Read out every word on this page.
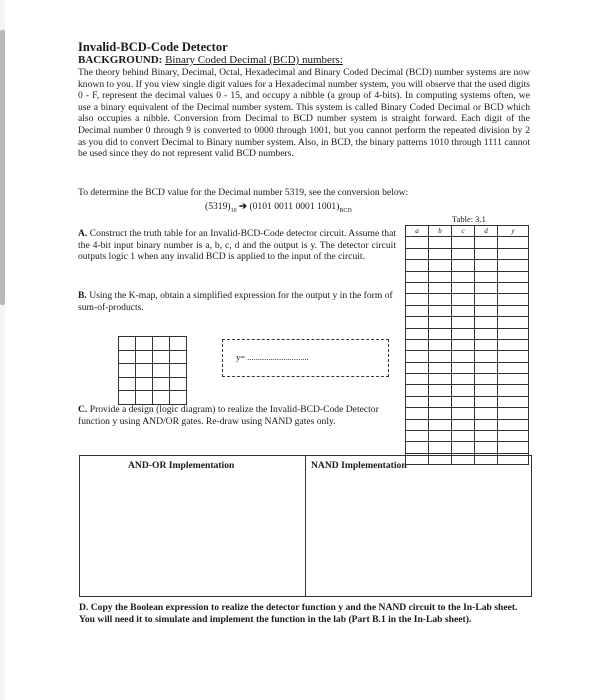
Invalid-BCD-Code Detector
BACKGROUND: Binary Coded Decimal (BCD) numbers:
The theory behind Binary, Decimal, Octal, Hexadecimal and Binary Coded Decimal (BCD) number systems are now known to you. If you view single digit values for a Hexadecimal number system, you will observe that the used digits 0 - F, represent the decimal values 0 - 15, and occupy a nibble (a group of 4-bits). In computing systems often, we use a binary equivalent of the Decimal number system. This system is called Binary Coded Decimal or BCD which also occupies a nibble. Conversion from Decimal to BCD number system is straight forward. Each digit of the Decimal number 0 through 9 is converted to 0000 through 1001, but you cannot perform the repeated division by 2 as you did to convert Decimal to Binary number system. Also, in BCD, the binary patterns 1010 through 1111 cannot be used since they do not represent valid BCD numbers.
To determine the BCD value for the Decimal number 5319, see the conversion below:
$(5319)_{10}$ ➔ (0101 0011 0001 $1001)_{BCD}$
A. Construct the truth table for an Invalid-BCD-Code detector circuit. Assume that the 4-bit input binary number is a, b, c, d and the output is y. The detector circuit outputs logic 1 when any invalid BCD is applied to the input of the circuit.
B. Using the K-map, obtain a simplified expression for the output y in the form of sum-of-products.

y= .............................
C. Provide a design (logic diagram) to realize the Invalid-BCD-Code Detector function y using AND/OR gates. Re-draw using NAND gates only.
Table: 3.1
a	b	c	d	y

AND-OR Implementation	NAND Implementation
D. Copy the Boolean expression to realize the detector function y and the NAND circuit to the In-Lab sheet. You will need it to simulate and implement the function in the lab (Part B.1 in the In-Lab sheet).
